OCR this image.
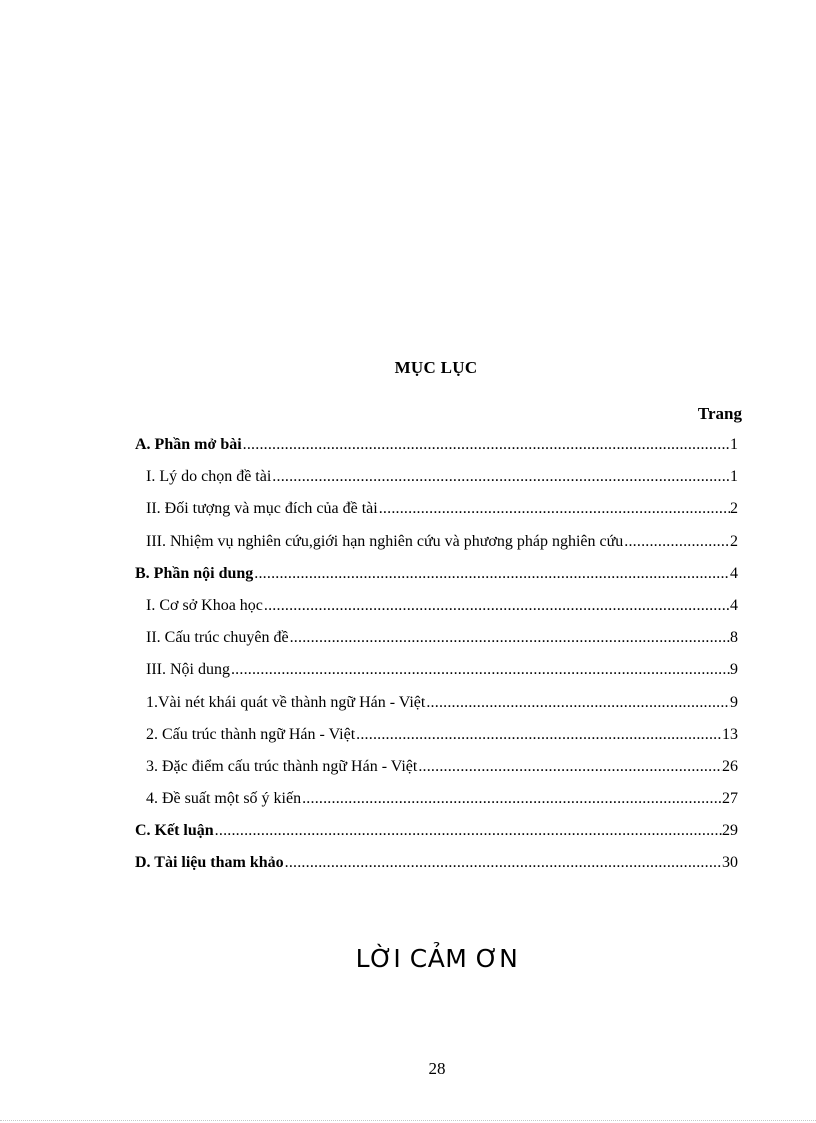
MỤC LỤC
Trang
A. Phần mở bài .....	1
I. Lý do chọn đề tài .....	1
II. Đối tượng và mục đích của đề tài .....	2
III. Nhiệm vụ nghiên cứu,giới hạn nghiên cứu và phương pháp nghiên cứu .....	2
B. Phần nội dung .....	4
I. Cơ sở Khoa học .....	4
II. Cấu trúc chuyên đề .....	8
III. Nội dung .....	9
1.Vài nét khái quát về thành ngữ Hán - Việt .....	9
2. Cấu trúc thành ngữ Hán - Việt .....	13
3. Đặc điểm cấu trúc thành ngữ Hán - Việt .....	26
4. Đề suất một số ý kiến .....	27
C. Kết luận .....	29
D. Tài liệu tham khảo .....	30
LỜI CẢM ƠN
28
